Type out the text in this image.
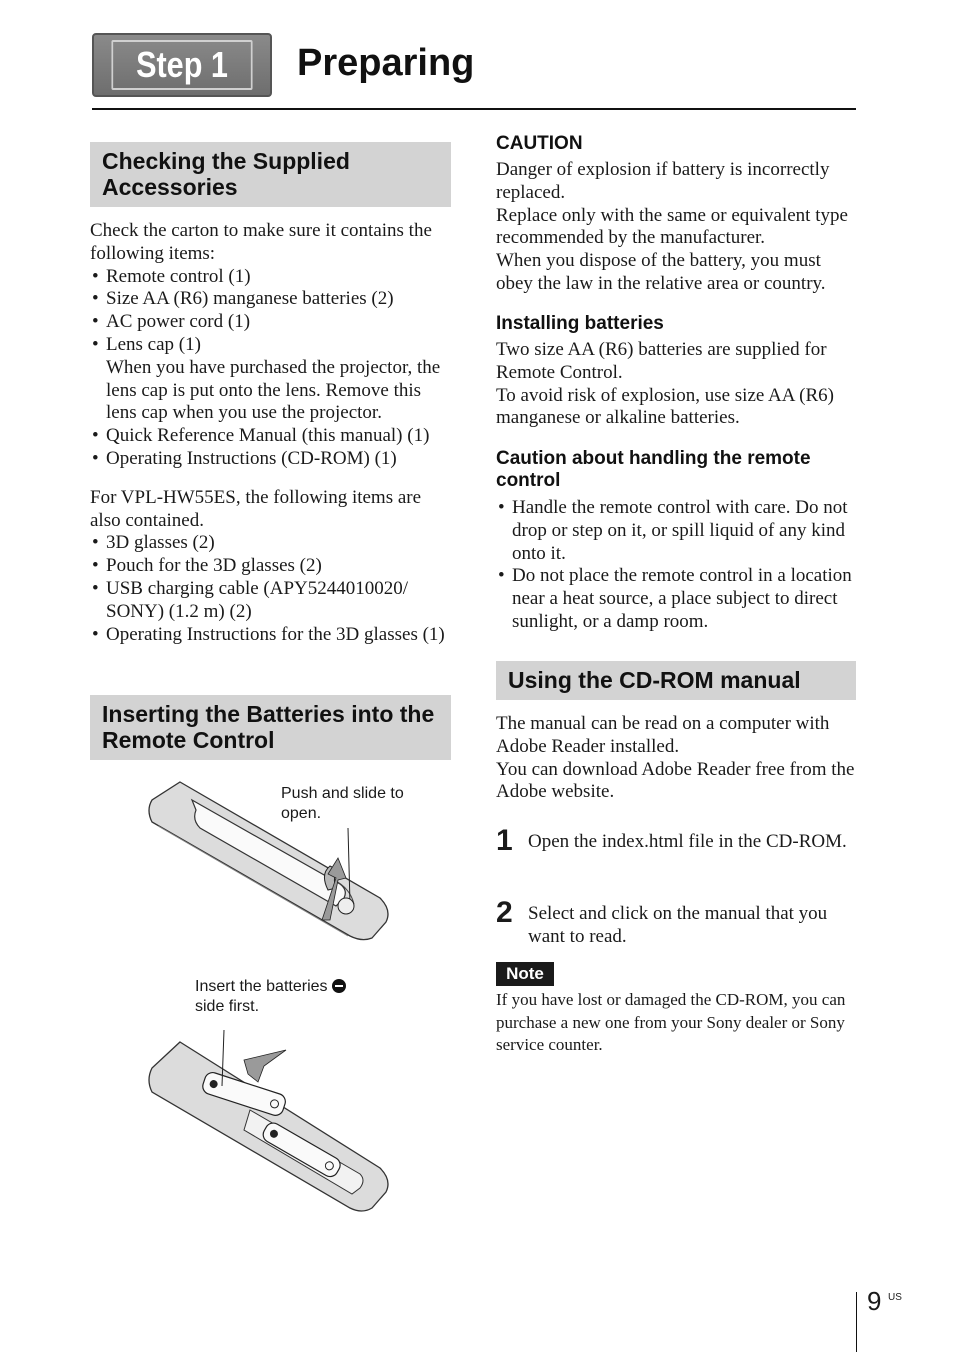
Step 1	Preparing
Checking the Supplied Accessories

Check the carton to make sure it contains the following items:

• Remote control (1)
• Size AA (R6) manganese batteries (2)
• AC power cord (1)
• Lens cap (1)
When you have purchased the projector, the lens cap is put onto the lens. Remove this lens cap when you use the projector.
• Quick Reference Manual (this manual) (1)
• Operating Instructions (CD-ROM) (1)

For VPL-HW55ES, the following items are also contained.

• 3D glasses (2)
• Pouch for the 3D glasses (2)
• USB charging cable (APY5244010020/ SONY) (1.2 m) (2)
• Operating Instructions for the 3D glasses (1)
Inserting the Batteries into the Remote Control

Push and slide to open.

Insert the batteries

side first.

CAUTION

Danger of explosion if battery is incorrectly replaced.

Replace only with the same or equivalent type recommended by the manufacturer.

When you dispose of the battery, you must obey the law in the relative area or country.

Installing batteries

Two size AA (R6) batteries are supplied for Remote Control.

To avoid risk of explosion, use size AA (R6) manganese or alkaline batteries.

Caution about handling the remote control
• Handle the remote control with care. Do not drop or step on it, or spill liquid of any kind onto it.
• Do not place the remote control in a location near a heat source, a place subject to direct sunlight, or a damp room.
Using the CD-ROM manual

The manual can be read on a computer with Adobe Reader installed.

You can download Adobe Reader free from the Adobe website.

1 Open the index.html file in the CD-ROM.
2 Select and click on the manual that you want to read.
Note

If you have lost or damaged the CD-ROM, you can purchase a new one from your Sony dealer or Sony service counter.

9 US
